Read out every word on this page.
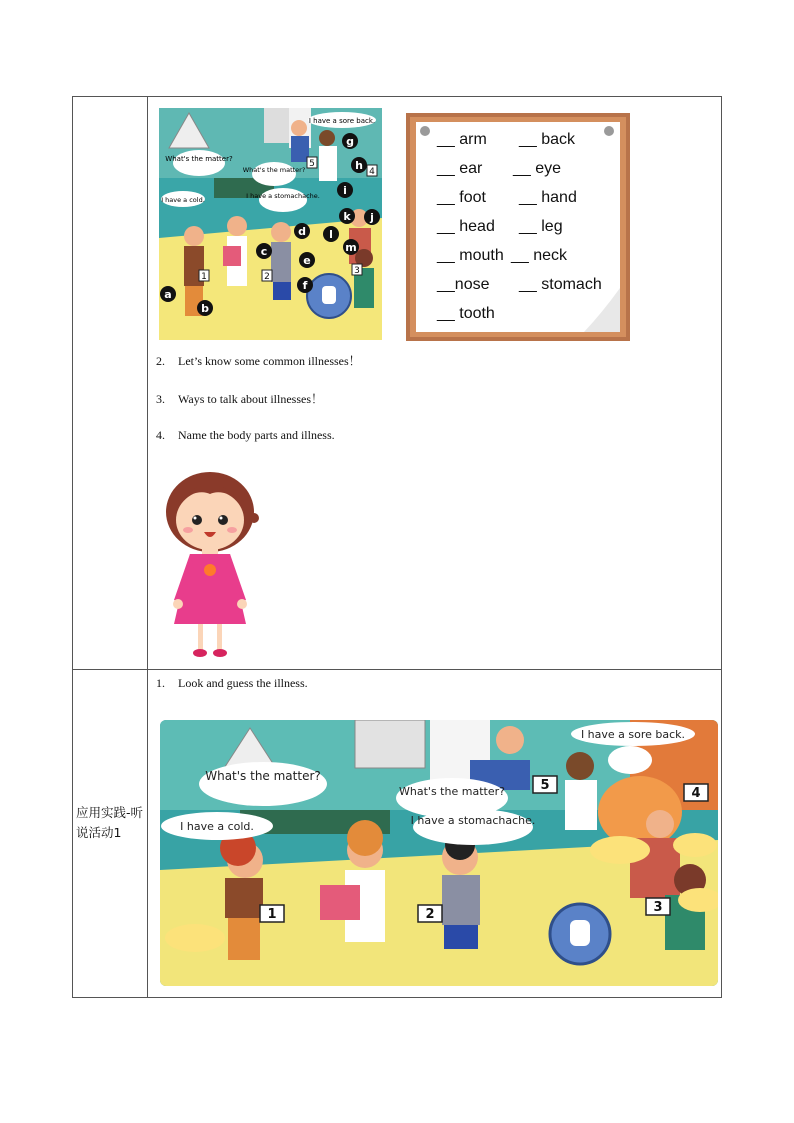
I have a sore back.
What's the matter?
What's the matter?
I have a cold.	I have a stomachache.
1	2
3
4
5
a
b
c
d
e
f
g
h
i
j
k
l
m
__ arm __ back
__ ear __ eye
__ foot __ hand
__ head __ leg
__ mouth __ neck
__nose __ stomach
__ tooth
2. Let’s know some common illnesses！
3. Ways to talk about illnesses！
4. Name the body parts and illness.
应用实践-听说活动1
1. Look and guess the illness.
I have a sore back.
What's the matter?
What's the matter?
I have a cold.	I have a stomachache.
1	2	3
4
5
